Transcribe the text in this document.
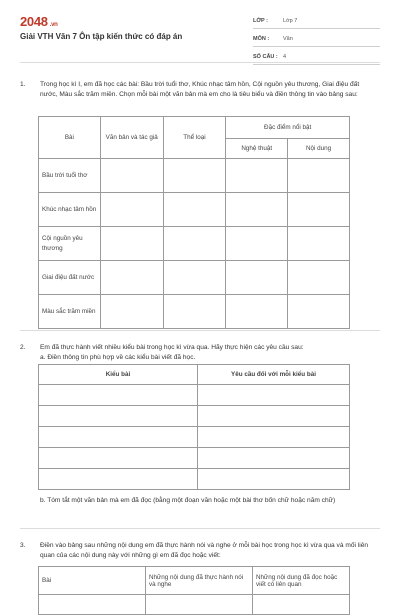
2048 .vn
Giải VTH Văn 7 Ôn tập kiến thức có đáp án
LỚP :	Lớp 7
MÔN :	Văn
SỐ CÂU : 4
1. Trong học kì I, em đã học các bài: Bầu trời tuổi thơ, Khúc nhạc tâm hồn, Cội nguồn yêu thương, Giai điệu đất nước, Màu sắc trăm miền. Chọn mỗi bài một văn bản mà em cho là tiêu biểu và điền thông tin vào bảng sau:
Bài	Văn bản và tác giả	Thể loại	Đặc điểm nổi bật	
			Nghệ thuật	Nội dung
Bầu trời tuổi thơ				
Khúc nhạc tâm hồn				
Cội nguồn yêu thương				
Giai điệu đất nước				
Màu sắc trăm miền				
2. Em đã thực hành viết nhiều kiểu bài trong học kì vừa qua. Hãy thực hiện các yêu cầu sau:
a. Điền thông tin phù hợp về các kiểu bài viết đã học.
Kiểu bài	Yêu cầu đối với mỗi kiểu bài

b. Tóm tắt một văn bản mà em đã đọc (bằng một đoạn văn hoặc một bài thơ bốn chữ hoặc năm chữ)
3. Điền vào bảng sau những nội dung em đã thực hành nói và nghe ở mỗi bài học trong học kì vừa qua và mối liên quan của các nội dung này với những gì em đã đọc hoặc viết:
Bài	Những nội dung đã thực hành nói và nghe	Những nội dung đã đọc hoặc viết có liên quan
